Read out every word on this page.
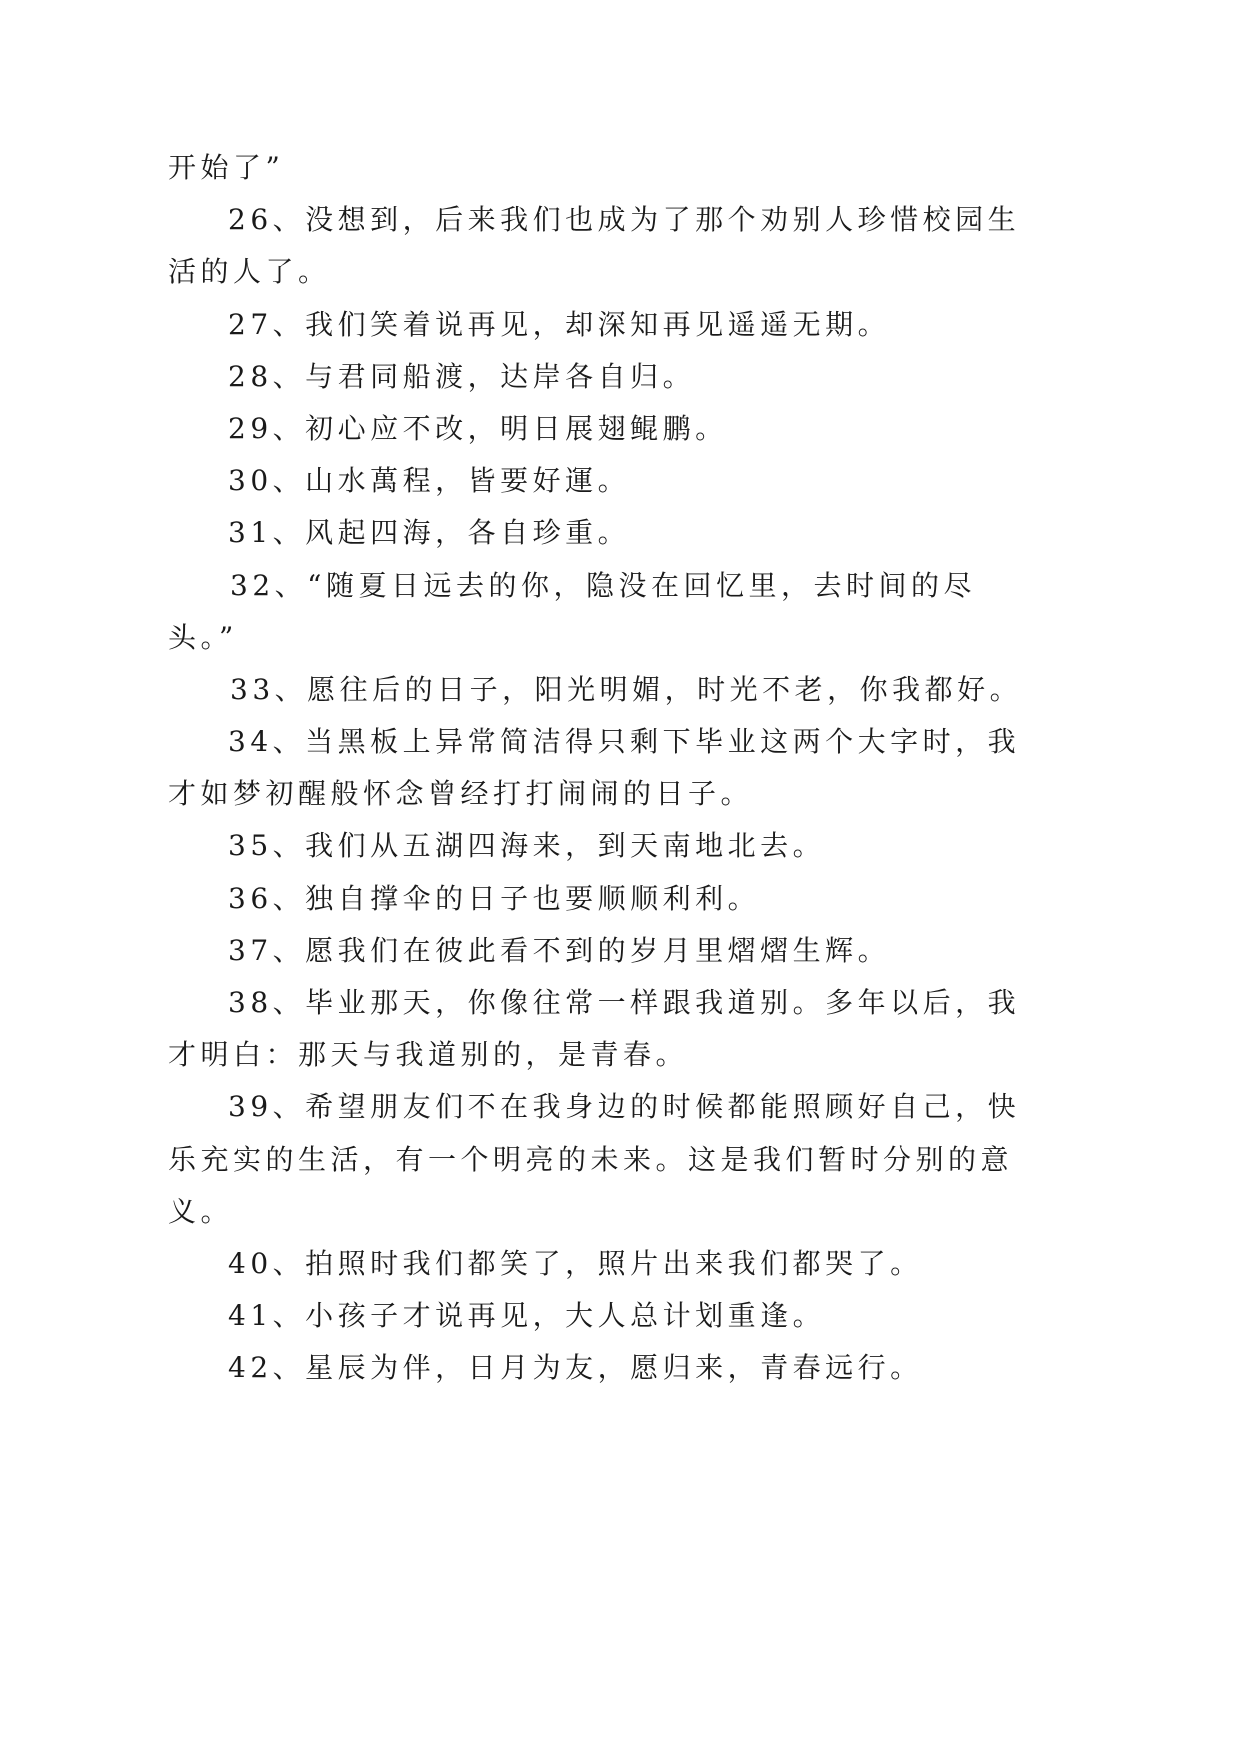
开始了”
26、没想到，后来我们也成为了那个劝别人珍惜校园生
活的人了。
27、我们笑着说再见，却深知再见遥遥无期。
28、与君同船渡，达岸各自归。
29、初心应不改，明日展翅鲲鹏。
30、山水萬程，皆要好運。
31、风起四海，各自珍重。
32、“随夏日远去的你，隐没在回忆里，去时间的尽
头。”
33、愿往后的日子，阳光明媚，时光不老，你我都好。
34、当黑板上异常简洁得只剩下毕业这两个大字时，我
才如梦初醒般怀念曾经打打闹闹的日子。
35、我们从五湖四海来，到天南地北去。
36、独自撑伞的日子也要顺顺利利。
37、愿我们在彼此看不到的岁月里熠熠生辉。
38、毕业那天，你像往常一样跟我道别。多年以后，我
才明白：那天与我道别的，是青春。
39、希望朋友们不在我身边的时候都能照顾好自己，快
乐充实的生活，有一个明亮的未来。这是我们暂时分别的意
义。
40、拍照时我们都笑了，照片出来我们都哭了。
41、小孩子才说再见，大人总计划重逢。
42、星辰为伴，日月为友，愿归来，青春远行。
